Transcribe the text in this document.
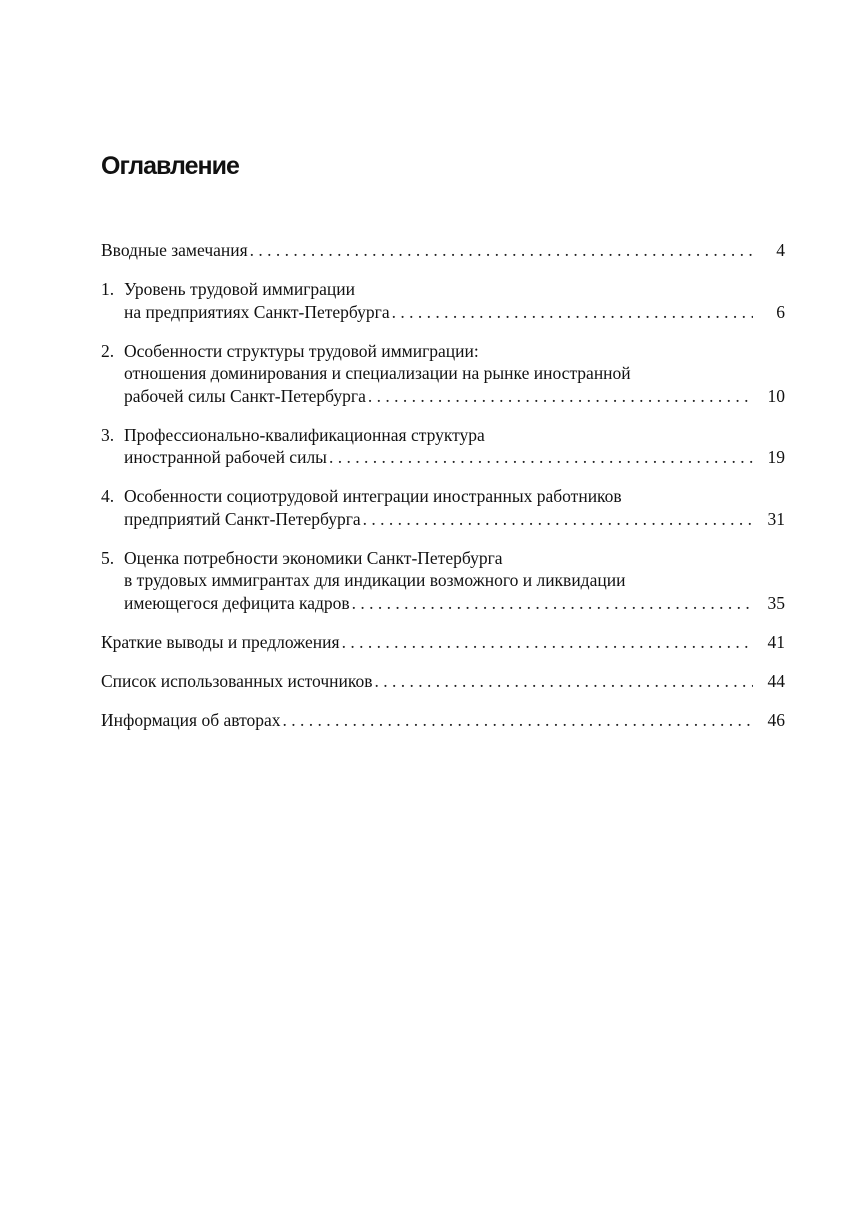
Оглавление
Вводные замечания . . .	4
1. Уровень трудовой иммиграции
на предприятиях Санкт-Петербурга . . .	6
2. Особенности структуры трудовой иммиграции:
отношения доминирования и специализации на рынке иностранной
рабочей силы Санкт-Петербурга . . .	10
3. Профессионально-квалификационная структура
иностранной рабочей силы . . .	19
4. Особенности социотрудовой интеграции иностранных работников
предприятий Санкт-Петербурга . . .	31
5. Оценка потребности экономики Санкт-Петербурга
в трудовых иммигрантах для индикации возможного и ликвидации
имеющегося дефицита кадров . . .	35
Краткие выводы и предложения . . .	41
Список использованных источников . . .	44
Информация об авторах . . .	46
